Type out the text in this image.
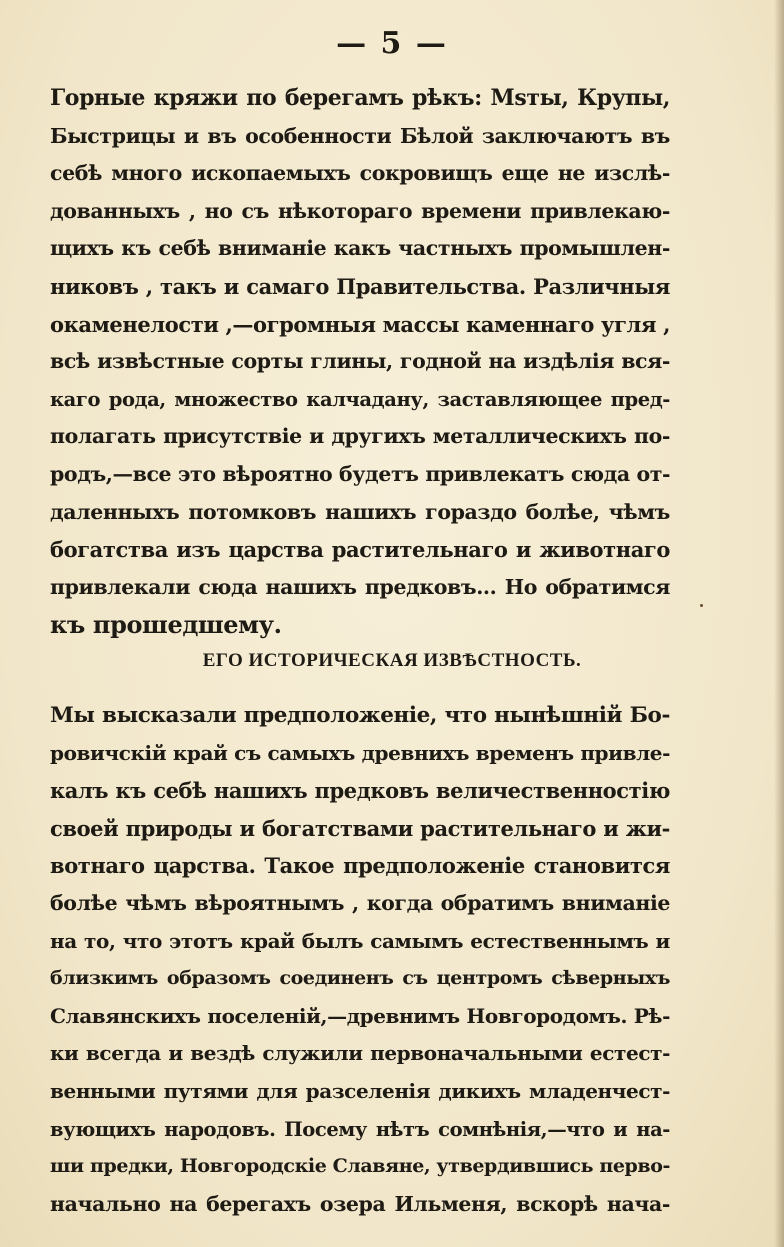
— 5 —
Горные кряжи по берегамъ рѣкъ: Msты, Крупы,
Быстрицы и въ особенности Бѣлой заключаютъ въ
себѣ много ископаемыхъ сокровищъ еще не изслѣ-
дованныхъ , но съ нѣкотораго времени привлекаю-
щихъ къ себѣ вниманіе какъ частныхъ промышлен-
никовъ , такъ и самаго Правительства. Различныя
окаменелости ,—огромныя массы каменнаго угля ,
всѣ извѣстные сорты глины, годной на издѣлія вся-
каго рода, множество калчадану, заставляющее пред-
полагать присутствіе и другихъ металлическихъ по-
родъ,—все это вѣроятно будетъ привлекатъ сюда от-
даленныхъ потомковъ нашихъ гораздо болѣе, чѣмъ
богатства изъ царства растительнаго и животнаго
привлекали сюда нашихъ предковъ... Но обратимся
къ прошедшему.
ЕГО ИСТОРИЧЕСКАЯ ИЗВѢСТНОСТЬ.
Мы высказали предположеніе, что нынѣшній Бо-
ровичскій край съ самыхъ древнихъ временъ привле-
калъ къ себѣ нашихъ предковъ величественностію
своей природы и богатствами растительнаго и жи-
вотнаго царства. Такое предположеніе становится
болѣе чѣмъ вѣроятнымъ , когда обратимъ вниманіе
на то, что этотъ край былъ самымъ естественнымъ и
близкимъ образомъ соединенъ съ центромъ сѣверныхъ
Славянскихъ поселеній,—древнимъ Новгородомъ. Рѣ-
ки всегда и вездѣ служили первоначальными естест-
венными путями для разселенія дикихъ младенчест-
вующихъ народовъ. Посему нѣтъ сомнѣнія,—что и на-
ши предки, Новгородскіе Славяне, утвердившись перво-
начально на берегахъ озера Ильменя, вскорѣ нача-
